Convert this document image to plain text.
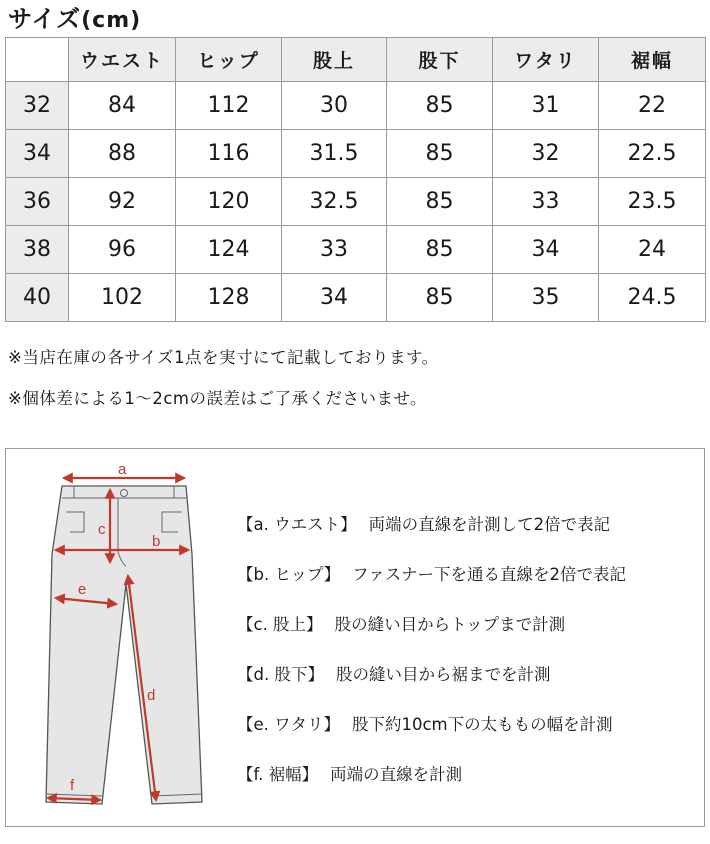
サイズ(cm)
	ウエスト	ヒップ	股上	股下	ワタリ	裾幅
32	84	112	30	85	31	22
34	88	116	31.5	85	32	22.5
36	92	120	32.5	85	33	23.5
38	96	124	33	85	34	24
40	102	128	34	85	35	24.5
※当店在庫の各サイズ1点を実寸にて記載しております。
※個体差による1〜2cmの誤差はご了承くださいませ。
a
b
c
d
e
f
【a. ウエスト】 両端の直線を計測して2倍で表記
【b. ヒップ】 ファスナー下を通る直線を2倍で表記
【c. 股上】 股の縫い目からトップまで計測
【d. 股下】 股の縫い目から裾までを計測
【e. ワタリ】 股下約10cm下の太ももの幅を計測
【f. 裾幅】 両端の直線を計測
